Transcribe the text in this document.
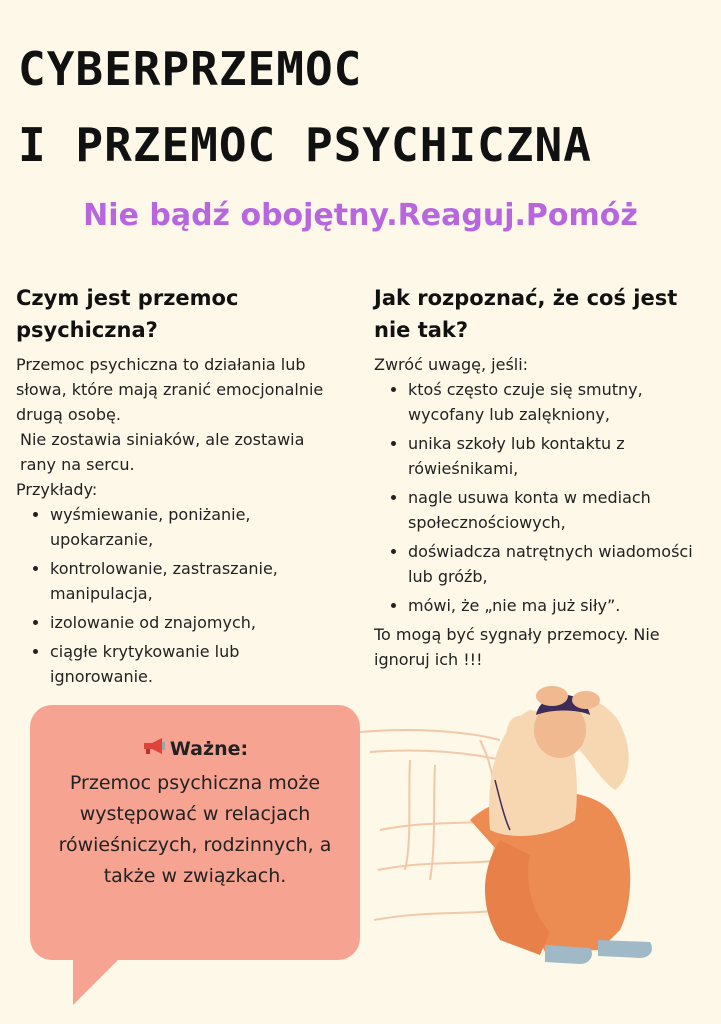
CYBERPRZEMOC
I PRZEMOC PSYCHICZNA
Nie bądź obojętny.Reaguj.Pomóż
Czym jest przemoc psychiczna?

Przemoc psychiczna to działania lub słowa, które mają zranić emocjonalnie drugą osobę.

Nie zostawia siniaków, ale zostawia rany na sercu.

Przykłady:

• wyśmiewanie, poniżanie, upokarzanie,
• kontrolowanie, zastraszanie, manipulacja,
• izolowanie od znajomych,
• ciągłe krytykowanie lub ignorowanie.
Jak rozpoznać, że coś jest nie tak?

Zwróć uwagę, jeśli:

• ktoś często czuje się smutny, wycofany lub zalękniony,
• unika szkoły lub kontaktu z rówieśnikami,
• nagle usuwa konta w mediach społecznościowych,
• doświadcza natrętnych wiadomości lub gróźb,
• mówi, że „nie ma już siły”.

To mogą być sygnały przemocy. Nie ignoruj ich !!!

Ważne:
Przemoc psychiczna może występować w relacjach rówieśniczych, rodzinnych, a także w związkach.
